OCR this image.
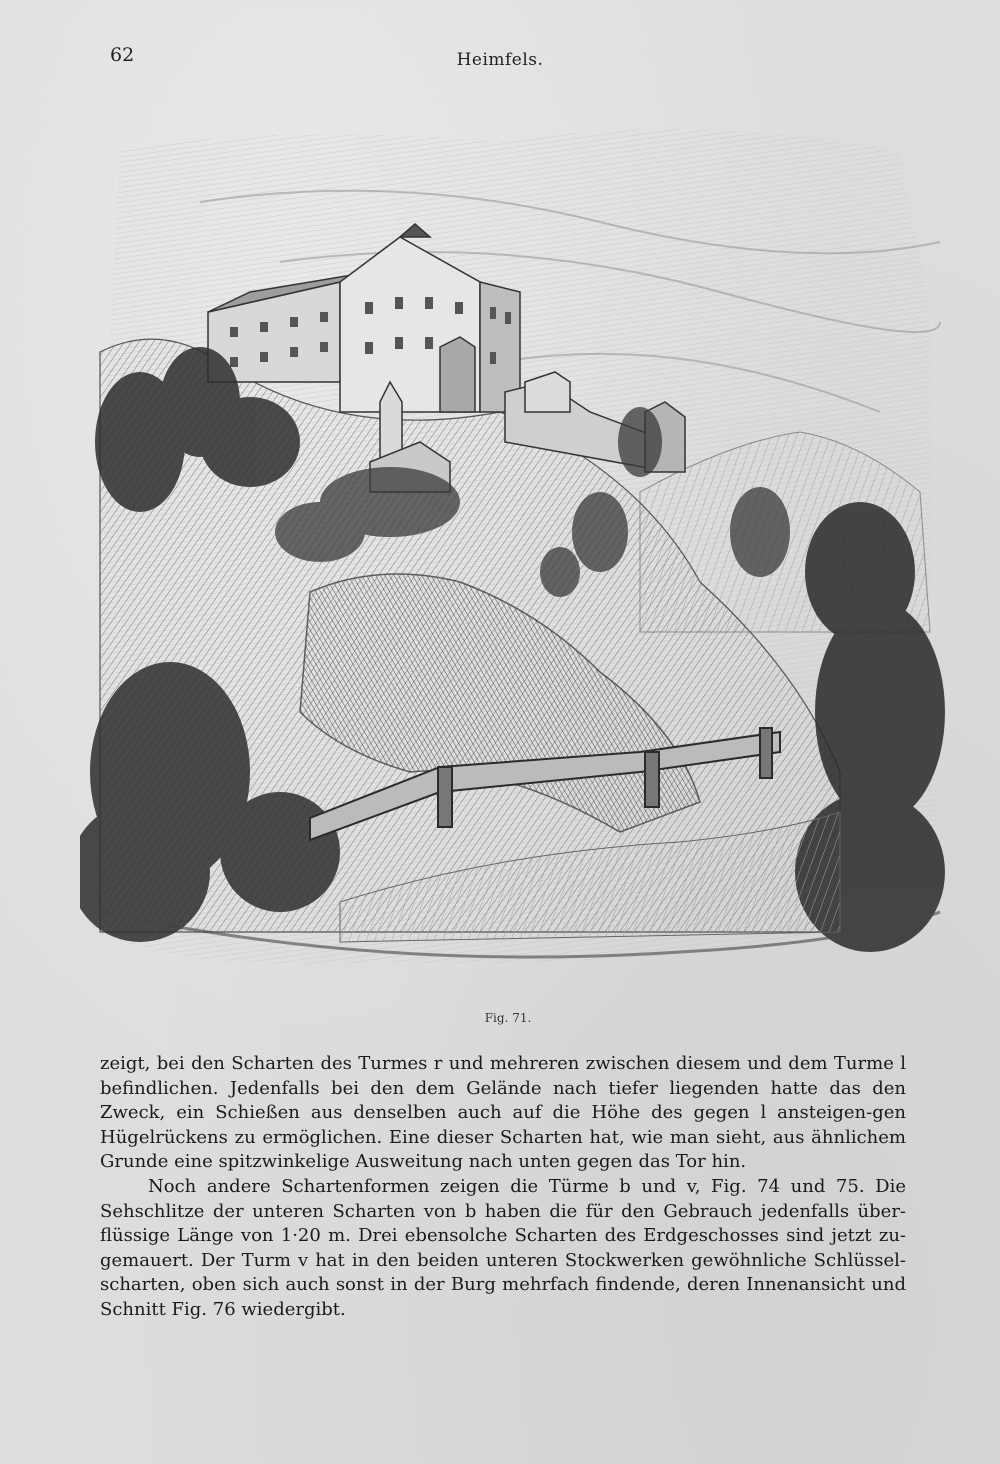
62	Heimfels.
Fig. 71.

zeigt, bei den Scharten des Turmes r und mehreren zwischen diesem und dem Turme l befindlichen. Jedenfalls bei den dem Gelände nach tiefer liegenden hatte das den Zweck, ein Schießen aus denselben auch auf die Höhe des gegen l ansteigen-gen Hügelrückens zu ermöglichen. Eine dieser Scharten hat, wie man sieht, aus ähnlichem Grunde eine spitzwinkelige Ausweitung nach unten gegen das Tor hin.

Noch andere Schartenformen zeigen die Türme b und v, Fig. 74 und 75. Die Sehschlitze der unteren Scharten von b haben die für den Gebrauch jedenfalls über-flüssige Länge von 1·20 m. Drei ebensolche Scharten des Erdgeschosses sind jetzt zu-gemauert. Der Turm v hat in den beiden unteren Stockwerken gewöhnliche Schlüssel-scharten, oben sich auch sonst in der Burg mehrfach findende, deren Innenansicht und Schnitt Fig. 76 wiedergibt.
